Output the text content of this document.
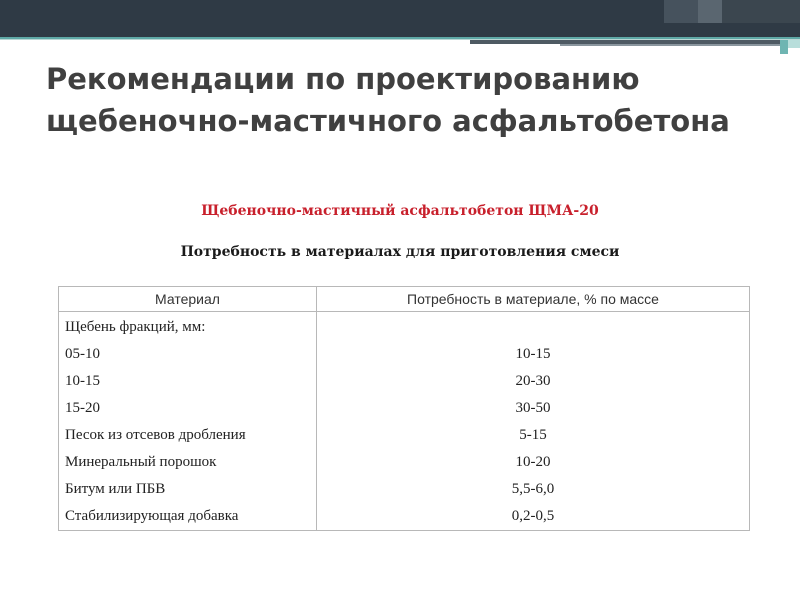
Рекомендации по проектированию щебеночно-мастичного асфальтобетона
Щебеночно-мастичный асфальтобетон ЩМА-20
Потребность в материалах для приготовления смеси
Материал	Потребность в материале, % по массе
Щебень фракций, мм:	
05-10	10-15
10-15	20-30
15-20	30-50
Песок из отсевов дробления	5-15
Минеральный порошок	10-20
Битум или ПБВ	5,5-6,0
Стабилизирующая добавка	0,2-0,5
